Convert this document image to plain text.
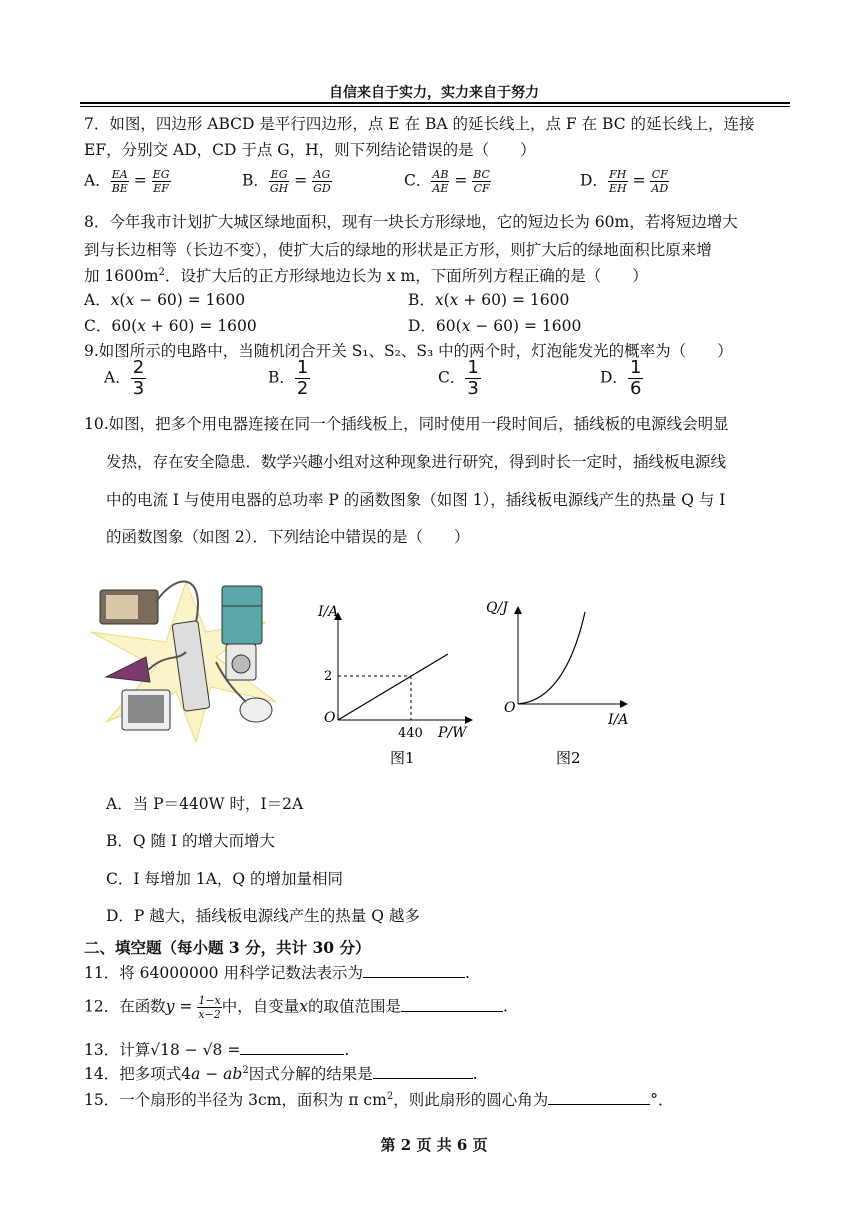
自信来自于实力，实力来自于努力
7．如图，四边形 ABCD 是平行四边形，点 E 在 BA 的延长线上，点 F 在 BC 的延长线上，连接
EF，分别交 AD，CD 于点 G，H，则下列结论错误的是（　　）
A． $\frac{EA}{BE} = \frac{EG}{EF}$	B． $\frac{EG}{GH} = \frac{AG}{GD}$	C． $\frac{AB}{AE} = \frac{BC}{CF}$	D． $\frac{FH}{EH} = \frac{CF}{AD}$
8．今年我市计划扩大城区绿地面积，现有一块长方形绿地，它的短边长为 60m，若将短边增大
到与长边相等（长边不变），使扩大后的绿地的形状是正方形，则扩大后的绿地面积比原来增
加 $1600m^2$．设扩大后的正方形绿地边长为 x m，下面所列方程正确的是（　　）
A．𝑥(𝑥 − 60) = 1600	B．𝑥(𝑥 + 60) = 1600
C．60(𝑥 + 60) = 1600	D．60(𝑥 − 60) = 1600
9.如图所示的电路中，当随机闭合开关 S₁、S₂、S₃ 中的两个时，灯泡能发光的概率为（　　）
A． $\frac{2}{3}$	B． $\frac{1}{2}$	C． $\frac{1}{3}$	D． $\frac{1}{6}$
10.如图，把多个用电器连接在同一个插线板上，同时使用一段时间后，插线板的电源线会明显
发热，存在安全隐患．数学兴趣小组对这种现象进行研究，得到时长一定时，插线板电源线
中的电流 I 与使用电器的总功率 P 的函数图象（如图 1），插线板电源线产生的热量 Q 与 I
的函数图象（如图 2）．下列结论中错误的是（　　）
I/A
O
2
440 P/W
图1
Q/J
O
I/A
图2
A．当 P＝440W 时，I＝2A
B．Q 随 I 的增大而增大
C．I 每增加 1A，Q 的增加量相同
D．P 越大，插线板电源线产生的热量 Q 越多
二、填空题（每小题 3 分，共计 30 分）
11．将 64000000 用科学记数法表示为	.
12．在函数𝑦 = $\frac{1-x}{x-2}$ 中，自变量𝑥的取值范围是	.
13．计算√18 − √8 =	.
14．把多项式4𝑎 − 𝑎𝑏$^2$因式分解的结果是	.
15．一个扇形的半径为 3cm，面积为 π $cm^2$，则此扇形的圆心角为	°．
第 2 页 共 6 页
